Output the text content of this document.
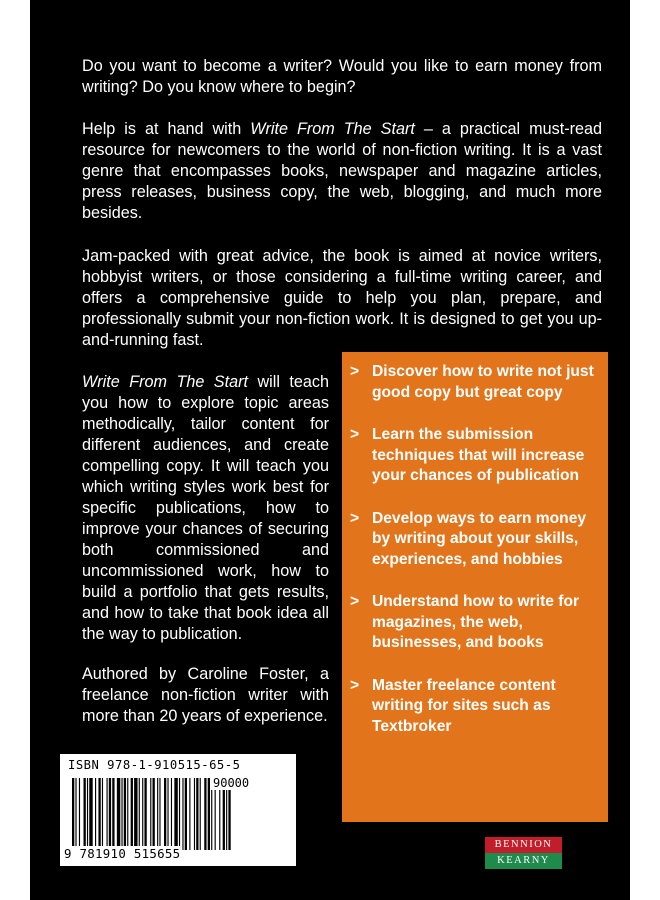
Do you want to become a writer? Would you like to earn money from writing? Do you know where to begin?

Help is at hand with Write From The Start – a practical must-read resource for newcomers to the world of non-fiction writing. It is a vast genre that encompasses books, newspaper and magazine articles, press releases, business copy, the web, blogging, and much more besides.

Jam-packed with great advice, the book is aimed at novice writers, hobbyist writers, or those considering a full-time writing career, and offers a comprehensive guide to help you plan, prepare, and professionally submit your non-fiction work. It is designed to get you up-and-running fast.

Write From The Start will teach you how to explore topic areas methodically, tailor content for different audiences, and create compelling copy. It will teach you which writing styles work best for specific publications, how to improve your chances of securing both commissioned and uncommissioned work, how to build a portfolio that gets results, and how to take that book idea all the way to publication.

Authored by Caroline Foster, a freelance non-fiction writer with more than 20 years of experience.

> Discover how to write not just good copy but great copy
> Learn the submission techniques that will increase your chances of publication
> Develop ways to earn money by writing about your skills, experiences, and hobbies
> Understand how to write for magazines, the web, businesses, and books
> Master freelance content writing for sites such as Textbroker
ISBN 978-1-910515-65-5
90000
9 781910 515655
BENNION
KEARNY
